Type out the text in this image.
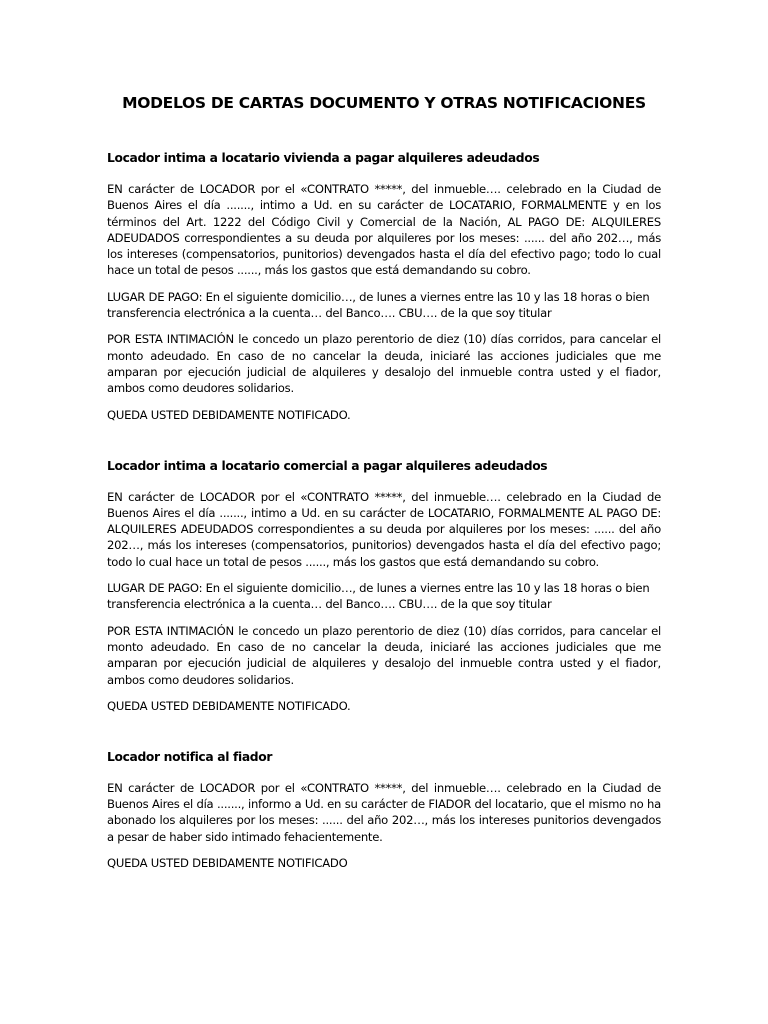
MODELOS DE CARTAS DOCUMENTO Y OTRAS NOTIFICACIONES
Locador intima a locatario vivienda a pagar alquileres adeudados

EN carácter de LOCADOR por el «CONTRATO *****, del inmueble…. celebrado en la Ciudad de Buenos Aires el día ......., intimo a Ud. en su carácter de LOCATARIO, FORMALMENTE y en los términos del Art. 1222 del Código Civil y Comercial de la Nación, AL PAGO DE: ALQUILERES ADEUDADOS correspondientes a su deuda por alquileres por los meses: ...... del año 202…, más los intereses (compensatorios, punitorios) devengados hasta el día del efectivo pago; todo lo cual hace un total de pesos ......, más los gastos que está demandando su cobro.

LUGAR DE PAGO: En el siguiente domicilio…, de lunes a viernes entre las 10 y las 18 horas o bien transferencia electrónica a la cuenta… del Banco…. CBU…. de la que soy titular

POR ESTA INTIMACIÓN le concedo un plazo perentorio de diez (10) días corridos, para cancelar el monto adeudado. En caso de no cancelar la deuda, iniciaré las acciones judiciales que me amparan por ejecución judicial de alquileres y desalojo del inmueble contra usted y el fiador, ambos como deudores solidarios.

QUEDA USTED DEBIDAMENTE NOTIFICADO.

Locador intima a locatario comercial a pagar alquileres adeudados

EN carácter de LOCADOR por el «CONTRATO *****, del inmueble…. celebrado en la Ciudad de Buenos Aires el día ......., intimo a Ud. en su carácter de LOCATARIO, FORMALMENTE AL PAGO DE: ALQUILERES ADEUDADOS correspondientes a su deuda por alquileres por los meses: ...... del año 202…, más los intereses (compensatorios, punitorios) devengados hasta el día del efectivo pago; todo lo cual hace un total de pesos ......, más los gastos que está demandando su cobro.

LUGAR DE PAGO: En el siguiente domicilio…, de lunes a viernes entre las 10 y las 18 horas o bien transferencia electrónica a la cuenta… del Banco…. CBU…. de la que soy titular

POR ESTA INTIMACIÓN le concedo un plazo perentorio de diez (10) días corridos, para cancelar el monto adeudado. En caso de no cancelar la deuda, iniciaré las acciones judiciales que me amparan por ejecución judicial de alquileres y desalojo del inmueble contra usted y el fiador, ambos como deudores solidarios.

QUEDA USTED DEBIDAMENTE NOTIFICADO.

Locador notifica al fiador

EN carácter de LOCADOR por el «CONTRATO *****, del inmueble…. celebrado en la Ciudad de Buenos Aires el día ......., informo a Ud. en su carácter de FIADOR del locatario, que el mismo no ha abonado los alquileres por los meses: ...... del año 202…, más los intereses punitorios devengados a pesar de haber sido intimado fehacientemente.

QUEDA USTED DEBIDAMENTE NOTIFICADO
